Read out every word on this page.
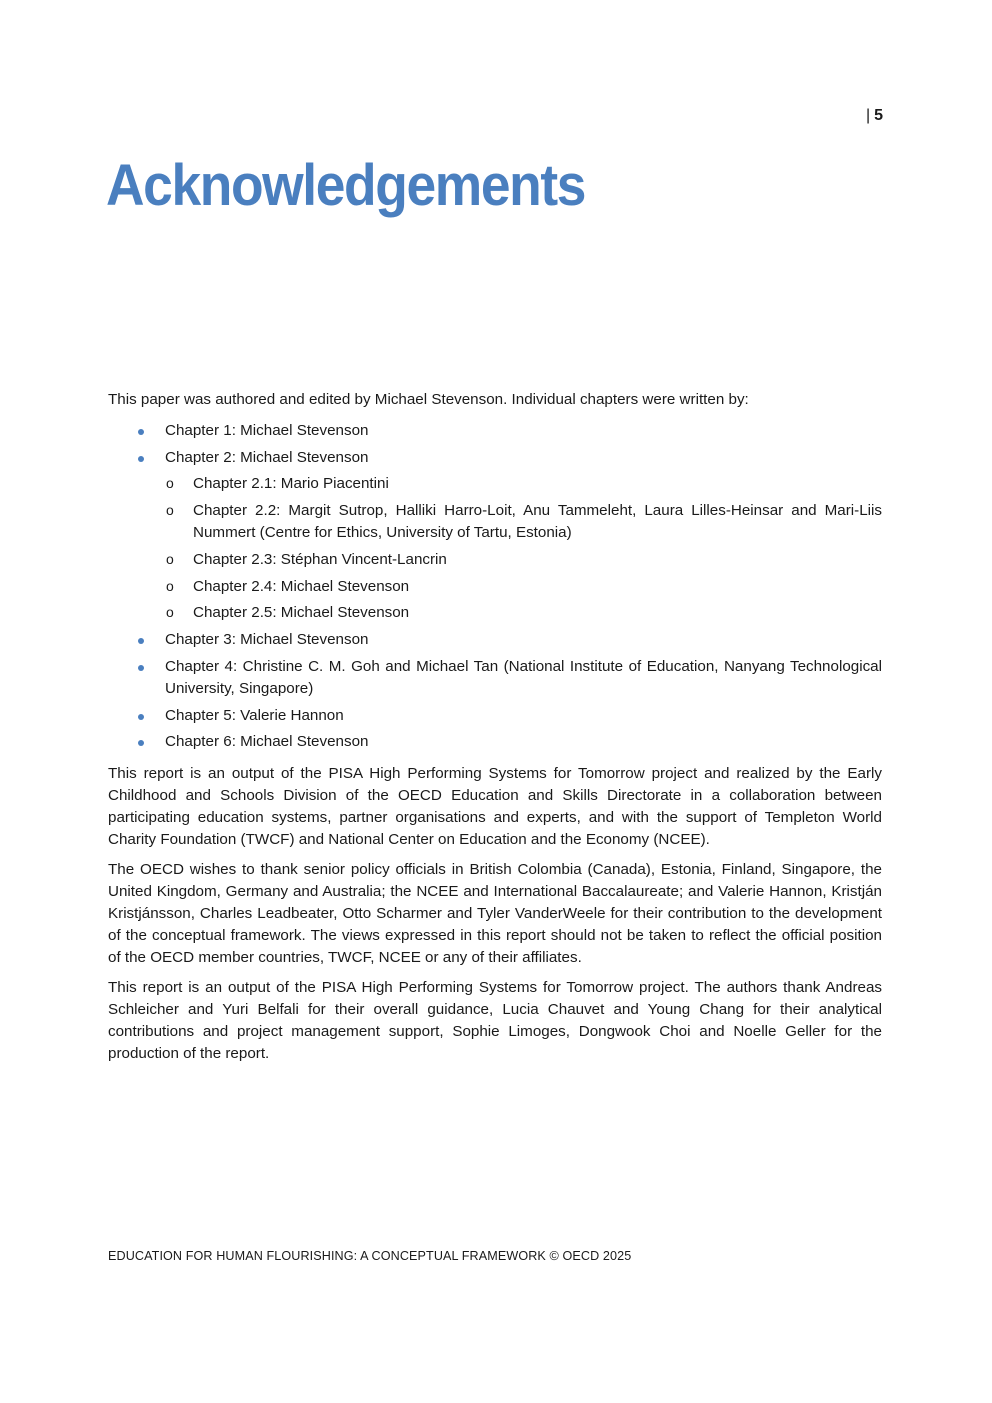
| 5
Acknowledgements

This paper was authored and edited by Michael Stevenson. Individual chapters were written by:

Chapter 1: Michael Stevenson
Chapter 2: Michael Stevenson
o Chapter 2.1: Mario Piacentini
o Chapter 2.2: Margit Sutrop, Halliki Harro-Loit, Anu Tammeleht, Laura Lilles-Heinsar and Mari-Liis Nummert (Centre for Ethics, University of Tartu, Estonia)
o Chapter 2.3: Stéphan Vincent-Lancrin
o Chapter 2.4: Michael Stevenson
o Chapter 2.5: Michael Stevenson
Chapter 3: Michael Stevenson
Chapter 4: Christine C. M. Goh and Michael Tan (National Institute of Education, Nanyang Technological University, Singapore)
Chapter 5: Valerie Hannon
Chapter 6: Michael Stevenson

This report is an output of the PISA High Performing Systems for Tomorrow project and realized by the Early Childhood and Schools Division of the OECD Education and Skills Directorate in a collaboration between participating education systems, partner organisations and experts, and with the support of Templeton World Charity Foundation (TWCF) and National Center on Education and the Economy (NCEE).

The OECD wishes to thank senior policy officials in British Colombia (Canada), Estonia, Finland, Singapore, the United Kingdom, Germany and Australia; the NCEE and International Baccalaureate; and Valerie Hannon, Kristján Kristjánsson, Charles Leadbeater, Otto Scharmer and Tyler VanderWeele for their contribution to the development of the conceptual framework. The views expressed in this report should not be taken to reflect the official position of the OECD member countries, TWCF, NCEE or any of their affiliates.

This report is an output of the PISA High Performing Systems for Tomorrow project. The authors thank Andreas Schleicher and Yuri Belfali for their overall guidance, Lucia Chauvet and Young Chang for their analytical contributions and project management support, Sophie Limoges, Dongwook Choi and Noelle Geller for the production of the report.

EDUCATION FOR HUMAN FLOURISHING: A CONCEPTUAL FRAMEWORK © OECD 2025
